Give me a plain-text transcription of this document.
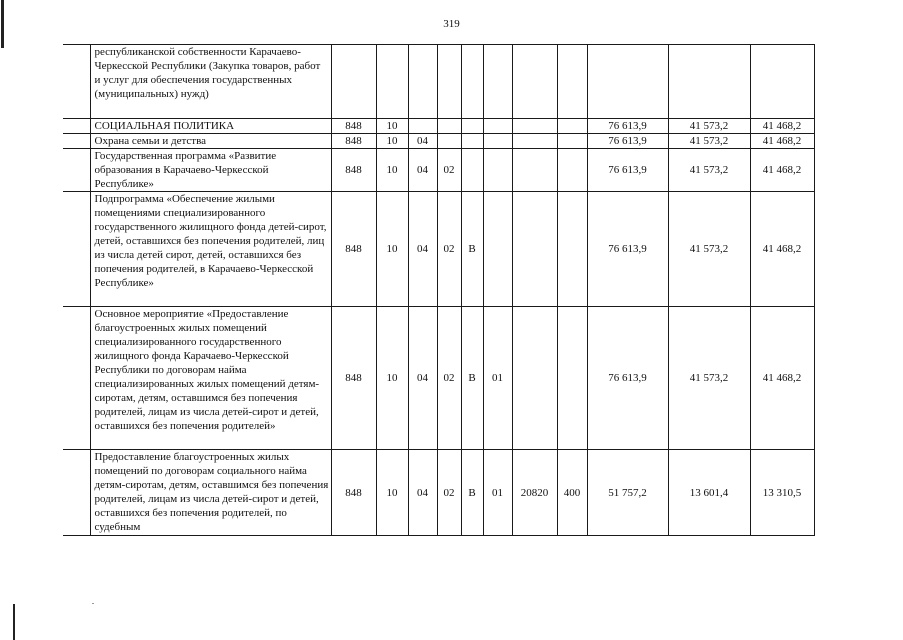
319
	республиканской собственности Карачаево-Черкесской Республики (Закупка товаров, работ и услуг для обеспечения государственных (муниципальных) нужд)											
	СОЦИАЛЬНАЯ ПОЛИТИКА	848	10							76 613,9	41 573,2	41 468,2
	Охрана семьи и детства	848	10	04						76 613,9	41 573,2	41 468,2
	Государственная программа «Развитие образования в Карачаево-Черкесской Республике»	848	10	04	02					76 613,9	41 573,2	41 468,2
	Подпрограмма «Обеспечение жилыми помещениями специализированного государственного жилищного фонда детей-сирот, детей, оставшихся без попечения родителей, лиц из числа детей сирот, детей, оставшихся без попечения родителей, в Карачаево-Черкесской Республике»	848	10	04	02	В				76 613,9	41 573,2	41 468,2
	Основное мероприятие «Предоставление благоустроенных жилых помещений специализированного государственного жилищного фонда Карачаево-Черкесской Республики по договорам найма специализированных жилых помещений детям-сиротам, детям, оставшимся без попечения родителей, лицам из числа детей-сирот и детей, оставшихся без попечения родителей»	848	10	04	02	В	01			76 613,9	41 573,2	41 468,2
	Предоставление благоустроенных жилых помещений по договорам социального найма детям-сиротам, детям, оставшимся без попечения родителей, лицам из числа детей-сирот и детей, оставшихся без попечения родителей, по судебным	848	10	04	02	В	01	20820	400	51 757,2	13 601,4	13 310,5
